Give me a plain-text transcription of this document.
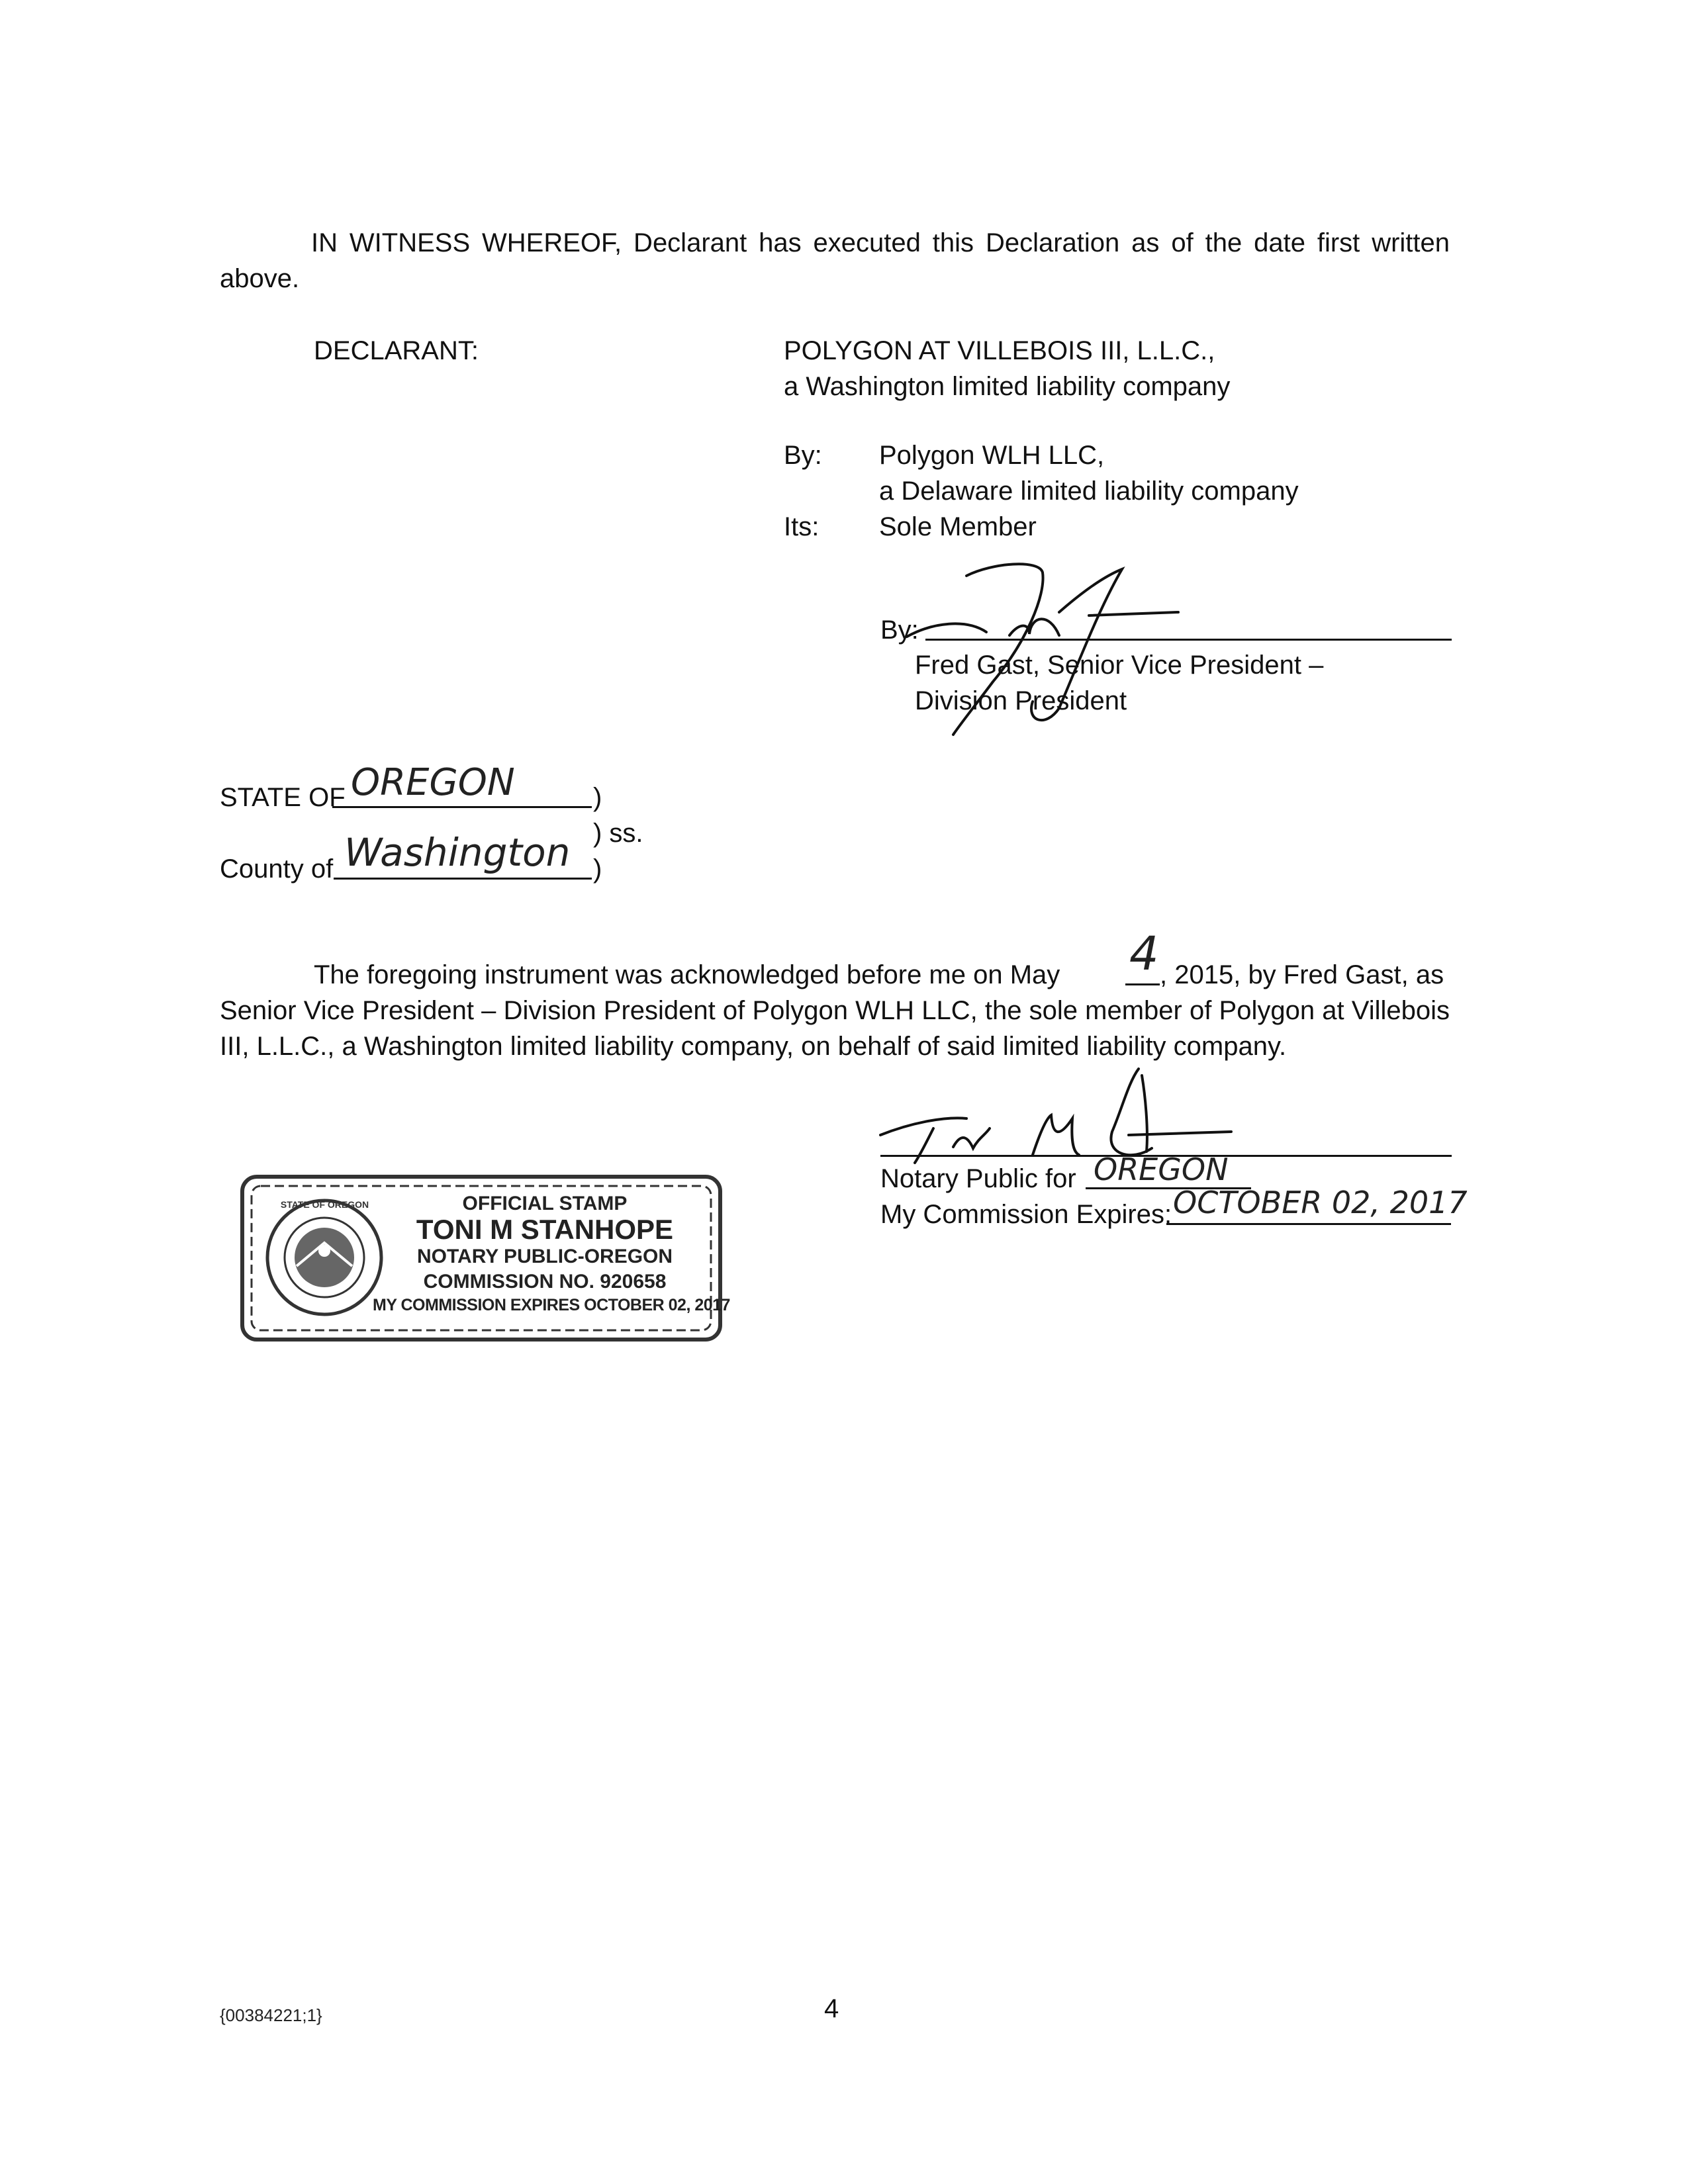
IN WITNESS WHEREOF, Declarant has executed this Declaration as of the date first written
above.
DECLARANT:	POLYGON AT VILLEBOIS III, L.L.C.,
a Washington limited liability company
By: Polygon WLH LLC,
a Delaware limited liability company
Its: Sole Member
By:
Fred Gast, Senior Vice President –
Division President
STATE OF OREGON	)
) ss.
County of Washington )
The foregoing instrument was acknowledged before me on May 4 , 2015, by Fred Gast, as
Senior Vice President – Division President of Polygon WLH LLC, the sole member of Polygon at Villebois
III, L.L.C., a Washington limited liability company, on behalf of said limited liability company.
Notary Public for OREGON
My Commission Expires: OCTOBER 02, 2017
STATE OF OREGON	OFFICIAL STAMP
TONI M STANHOPE
NOTARY PUBLIC-OREGON
COMMISSION NO. 920658
MY COMMISSION EXPIRES OCTOBER 02, 2017
{00384221;1}	4
